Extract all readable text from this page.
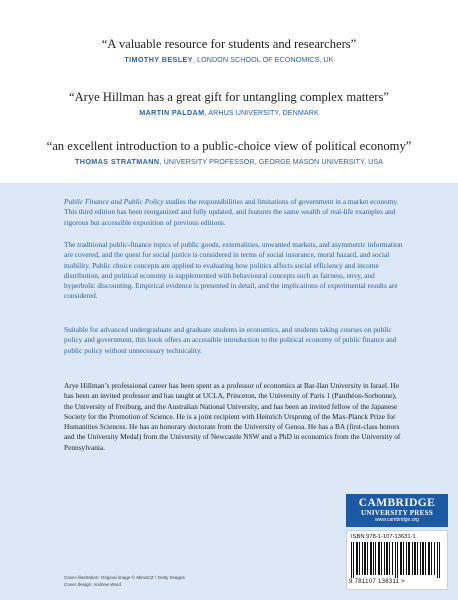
“A valuable resource for students and researchers”
TIMOTHY BESLEY, LONDON SCHOOL OF ECONOMICS, UK
“Arye Hillman has a great gift for untangling complex matters”
MARTIN PALDAM, ARHUS UNIVERSITY, DENMARK
“an excellent introduction to a public-choice view of political economy”
THOMAS STRATMANN, UNIVERSITY PROFESSOR, GEORGE MASON UNIVERSITY, USA

Public Finance and Public Policy studies the responsibilities and limitations of government in a market economy. This third edition has been reorganized and fully updated, and features the same wealth of real-life examples and rigorous but accessible exposition of previous editions.

The traditional public-finance topics of public goods, externalities, unwanted markets, and asymmetric information are covered, and the quest for social justice is considered in terms of social insurance, moral hazard, and social mobility. Public choice concepts are applied to evaluating how politics affects social efficiency and income distribution, and political economy is supplemented with behavioural concepts such as fairness, envy, and hyperbolic discounting. Empirical evidence is presented in detail, and the implications of experimental results are considered.

Suitable for advanced undergraduate and graduate students in economics, and students taking courses on public policy and government, this book offers an accessible introduction to the political economy of public finance and public policy without unnecessary technicality.

Arye Hillman’s professional career has been spent as a professor of economics at Bar-Ilan University in Israel. He has been an invited professor and has taught at UCLA, Princeton, the University of Paris 1 (Panthéon-Sorbonne), the University of Freiburg, and the Australian National University, and has been an invited fellow of the Japanese Society for the Promotion of Science. He is a joint recipient with Heinrich Ursprung of the Max-Planck Prize for Humanities Sciences. He has an honorary doctorate from the University of Genoa. He has a BA (first-class honors and the University Medal) from the University of Newcastle NSW and a PhD in economics from the University of Pennsylvania.

Cover illustration: Original image © MimaCZ / Getty Images
Cover design: Andrew Ward
CAMBRIDGE
UNIVERSITY PRESS
www.cambridge.org
ISBN 978-1-107-13631-1
9 781107 136311 >
